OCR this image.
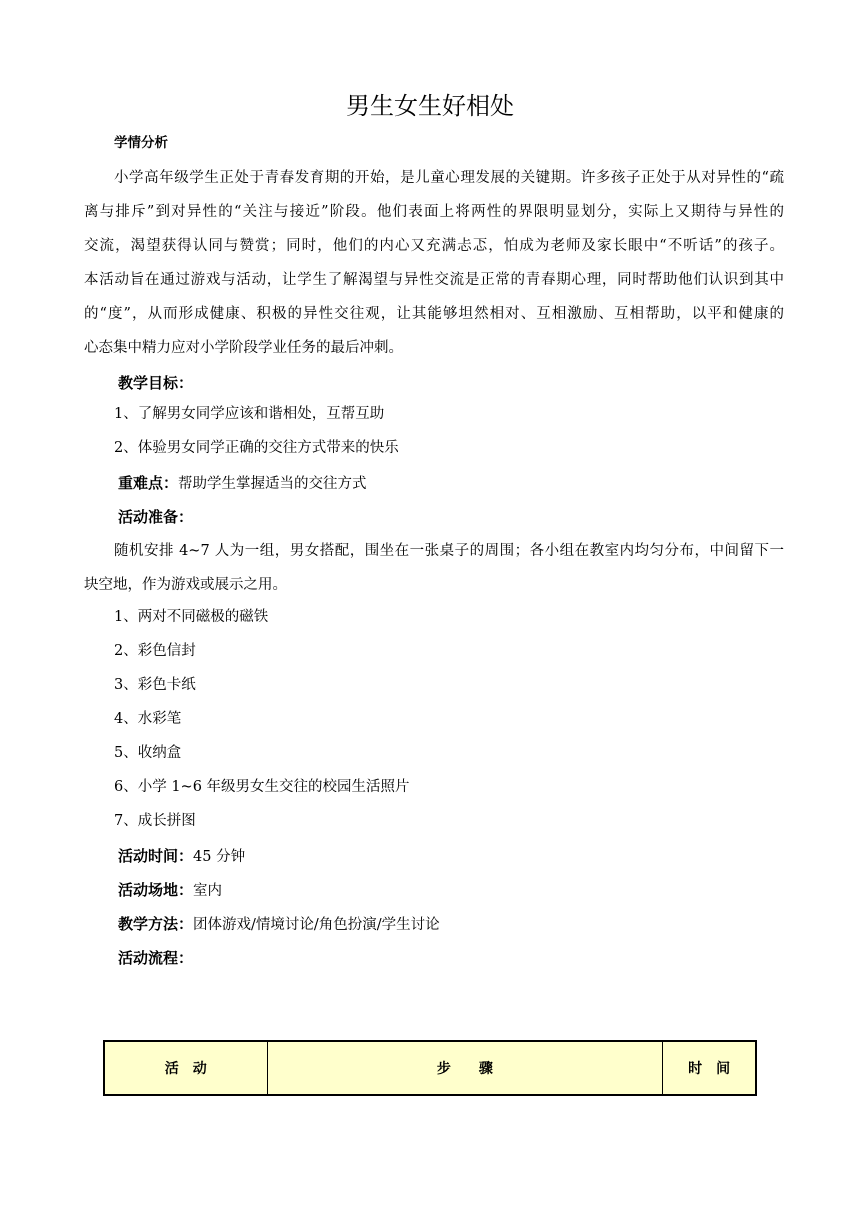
男生女生好相处
学情分析
小学高年级学生正处于青春发育期的开始，是儿童心理发展的关键期。许多孩子正处于从对异性的“疏
离与排斥”到对异性的“关注与接近”阶段。他们表面上将两性的界限明显划分，实际上又期待与异性的
交流，渴望获得认同与赞赏；同时，他们的内心又充满忐忑，怕成为老师及家长眼中“不听话”的孩子。
本活动旨在通过游戏与活动，让学生了解渴望与异性交流是正常的青春期心理，同时帮助他们认识到其中
的“度”，从而形成健康、积极的异性交往观，让其能够坦然相对、互相激励、互相帮助，以平和健康的
心态集中精力应对小学阶段学业任务的最后冲刺。
教学目标：
1、了解男女同学应该和谐相处，互帮互助
2、体验男女同学正确的交往方式带来的快乐
重难点：帮助学生掌握适当的交往方式
活动准备：
随机安排 4~7 人为一组，男女搭配，围坐在一张桌子的周围；各小组在教室内均匀分布，中间留下一
块空地，作为游戏或展示之用。
1、两对不同磁极的磁铁
2、彩色信封
3、彩色卡纸
4、水彩笔
5、收纳盒
6、小学 1~6 年级男女生交往的校园生活照片
7、成长拼图
活动时间：45 分钟
活动场地：室内
教学方法：团体游戏/情境讨论/角色扮演/学生讨论
活动流程：
活　动	步　　骤	时　间
